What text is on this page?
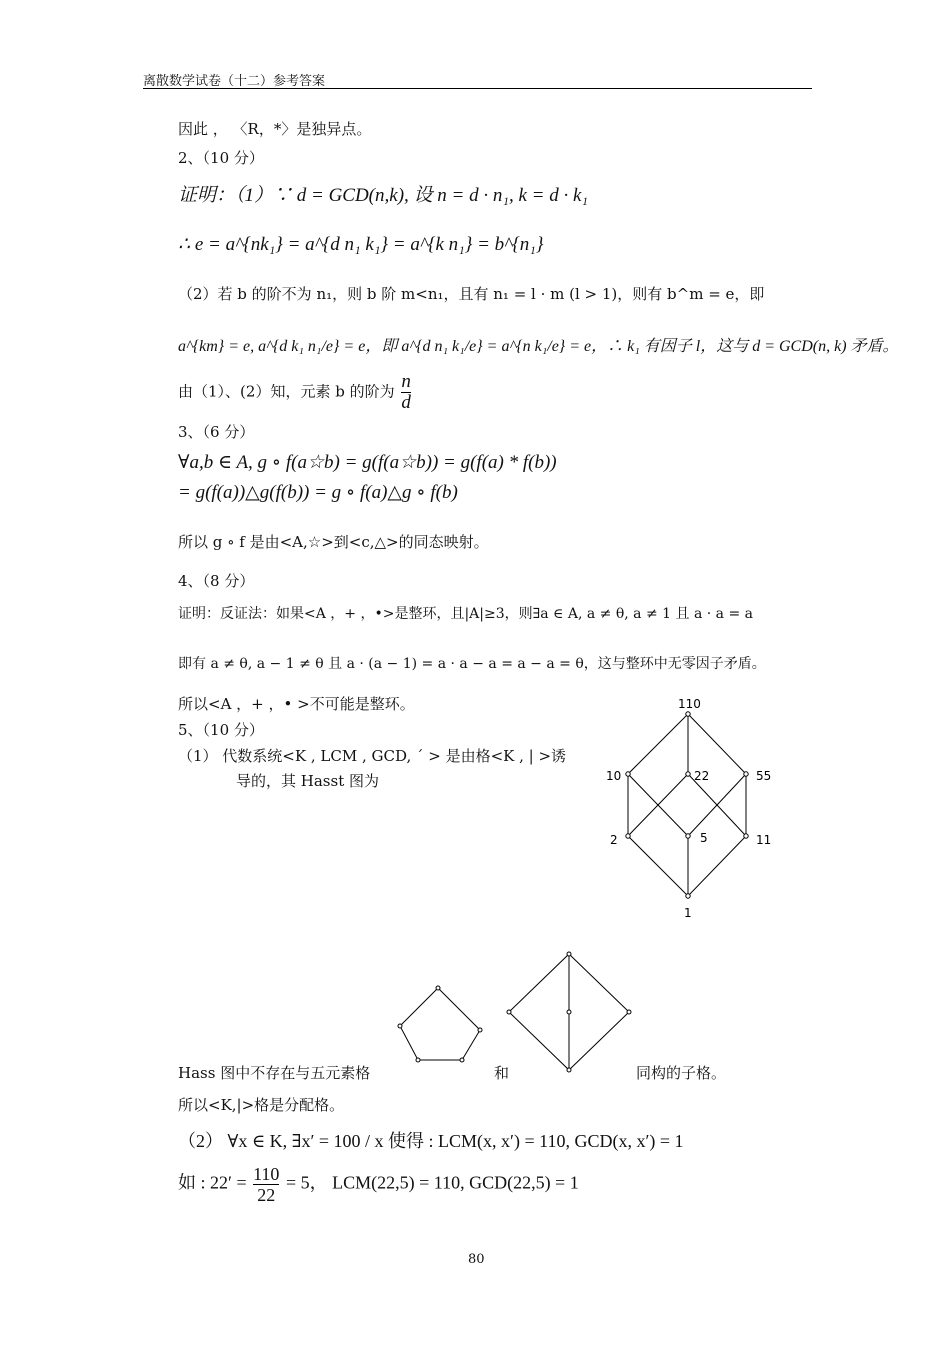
离散数学试卷（十二）参考答案
因此 ， 〈R，*〉是独异点。
2、（10 分）
证明：（1）∵ d = GCD(n,k), 设 n = d · n₁, k = d · k₁
∴ e = a^{nk₁} = a^{d n₁ k₁} = a^{k n₁} = b^{n₁}
（2）若 b 的阶不为 n₁，则 b 阶 m<n₁，且有 n₁ = l · m (l > 1)，则有 b^m = e，即
a^{km} = e, a^{d k₁ n₁/e} = e，即 a^{d n₁ k₁/e} = a^{n k₁/e} = e，∴ k₁ 有因子 l，这与 d = GCD(n, k) 矛盾。
由（1）、(2）知，元素 b 的阶为 $\frac{n}{d}$
3、（6 分）
∀a,b ∈ A, g ∘ f(a☆b) = g(f(a☆b)) = g(f(a) * f(b))
= g(f(a))△g(f(b)) = g ∘ f(a)△g ∘ f(b)
所以 g ∘ f 是由<A,☆>到<c,△>的同态映射。
4、（8 分）
证明：反证法：如果<A ，+ ，•>是整环，且|A|≥3，则∃a ∈ A, a ≠ θ, a ≠ 1 且 a · a = a
即有 a ≠ θ, a − 1 ≠ θ 且 a · (a − 1) = a · a − a = a − a = θ，这与整环中无零因子矛盾。
所以<A ，+ ，• >不可能是整环。
5、（10 分）
（1） 代数系统<K , LCM , GCD, ´ > 是由格<K , | >诱
导的，其 Hasst 图为
110
10	22	55
2	5	11
1
Hass 图中不存在与五元素格	和	同构的子格。
所以<K,|>格是分配格。
（2） ∀x ∈ K, ∃x′ = 100 / x 使得 : LCM(x, x′) = 110, GCD(x, x′) = 1
如 : $22' = \frac{110}{22} = 5$， LCM(22,5) = 110, GCD(22,5) = 1
80
